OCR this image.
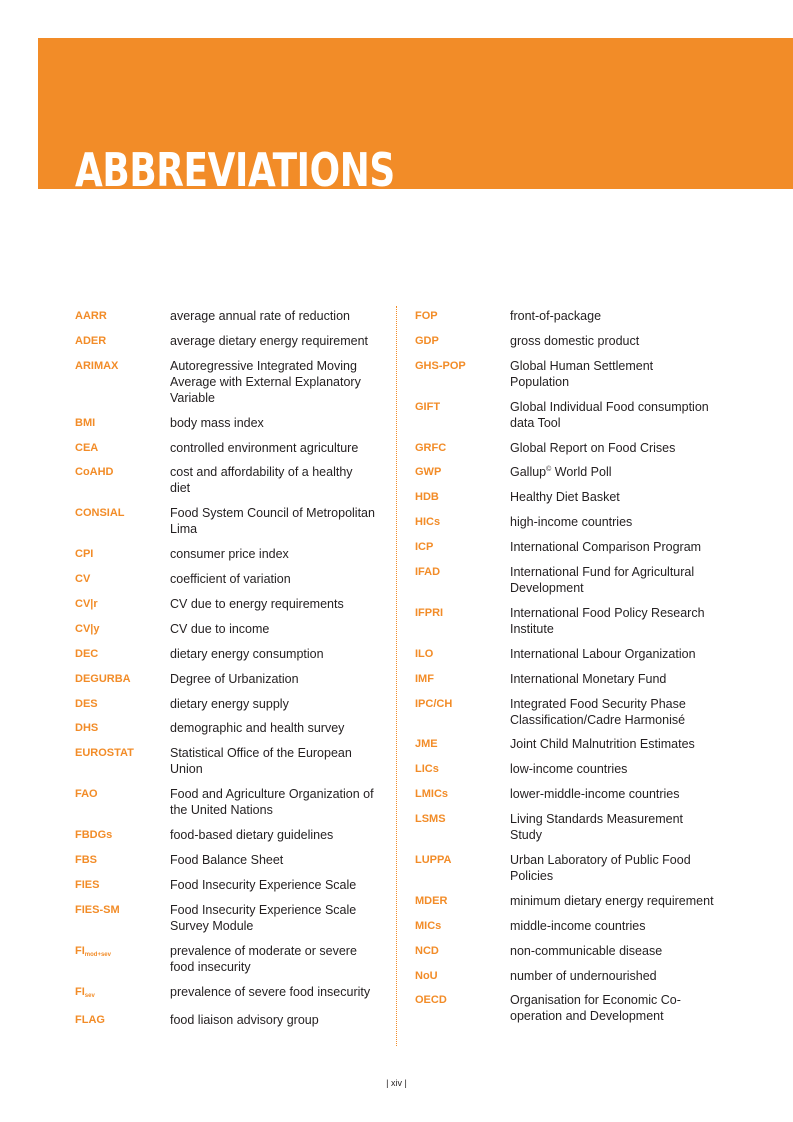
ABBREVIATIONS
AARR	average annual rate of reduction
ADER	average dietary energy requirement
ARIMAX	Autoregressive Integrated Moving Average with External Explanatory Variable
BMI	body mass index
CEA	controlled environment agriculture
CoAHD	cost and affordability of a healthy diet
CONSIAL	Food System Council of Metropolitan Lima
CPI	consumer price index
CV	coefficient of variation
CV|r	CV due to energy requirements
CV|y	CV due to income
DEC	dietary energy consumption
DEGURBA	Degree of Urbanization
DES	dietary energy supply
DHS	demographic and health survey
EUROSTAT	Statistical Office of the European Union
FAO	Food and Agriculture Organization of the United Nations
FBDGs	food-based dietary guidelines
FBS	Food Balance Sheet
FIES	Food Insecurity Experience Scale
FIES-SM	Food Insecurity Experience Scale Survey Module
$FI_{mod+sev}$	prevalence of moderate or severe food insecurity
$FI_{sev}$	prevalence of severe food insecurity
FLAG	food liaison advisory group
FOP	front-of-package
GDP	gross domestic product
GHS-POP	Global Human Settlement Population
GIFT	Global Individual Food consumption data Tool
GRFC	Global Report on Food Crises
GWP	Gallup© World Poll
HDB	Healthy Diet Basket
HICs	high-income countries
ICP	International Comparison Program
IFAD	International Fund for Agricultural Development
IFPRI	International Food Policy Research Institute
ILO	International Labour Organization
IMF	International Monetary Fund
IPC/CH	Integrated Food Security Phase Classification/Cadre Harmonisé
JME	Joint Child Malnutrition Estimates
LICs	low-income countries
LMICs	lower-middle-income countries
LSMS	Living Standards Measurement Study
LUPPA	Urban Laboratory of Public Food Policies
MDER	minimum dietary energy requirement
MICs	middle-income countries
NCD	non-communicable disease
NoU	number of undernourished
OECD	Organisation for Economic Co-operation and Development
| xiv |
